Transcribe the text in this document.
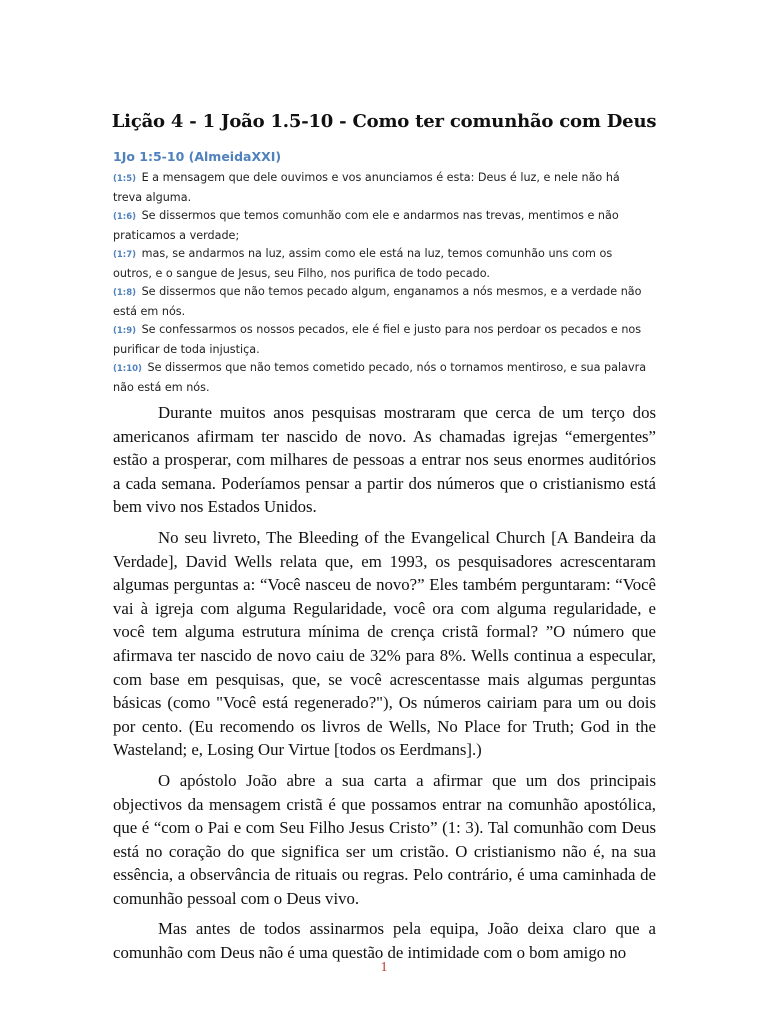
Lição 4 - 1 João 1.5-10 - Como ter comunhão com Deus
1Jo 1:5-10 (AlmeidaXXI)
(1:5) E a mensagem que dele ouvimos e vos anunciamos é esta: Deus é luz, e nele não há treva alguma.
(1:6) Se dissermos que temos comunhão com ele e andarmos nas trevas, mentimos e não praticamos a verdade;
(1:7) mas, se andarmos na luz, assim como ele está na luz, temos comunhão uns com os outros, e o sangue de Jesus, seu Filho, nos purifica de todo pecado.
(1:8) Se dissermos que não temos pecado algum, enganamos a nós mesmos, e a verdade não está em nós.
(1:9) Se confessarmos os nossos pecados, ele é fiel e justo para nos perdoar os pecados e nos purificar de toda injustiça.
(1:10) Se dissermos que não temos cometido pecado, nós o tornamos mentiroso, e sua palavra não está em nós.

Durante muitos anos pesquisas mostraram que cerca de um terço dos americanos afirmam ter nascido de novo. As chamadas igrejas “emergentes” estão a prosperar, com milhares de pessoas a entrar nos seus enormes auditórios a cada semana. Poderíamos pensar a partir dos números que o cristianismo está bem vivo nos Estados Unidos.

No seu livreto, The Bleeding of the Evangelical Church [A Bandeira da Verdade], David Wells relata que, em 1993, os pesquisadores acrescentaram algumas perguntas a: “Você nasceu de novo?” Eles também perguntaram: “Você vai à igreja com alguma Regularidade, você ora com alguma regularidade, e você tem alguma estrutura mínima de crença cristã formal? ”O número que afirmava ter nascido de novo caiu de 32% para 8%. Wells continua a especular, com base em pesquisas, que, se você acrescentasse mais algumas perguntas básicas (como "Você está regenerado?"), Os números cairiam para um ou dois por cento. (Eu recomendo os livros de Wells, No Place for Truth; God in the Wasteland; e, Losing Our Virtue [todos os Eerdmans].)

O apóstolo João abre a sua carta a afirmar que um dos principais objectivos da mensagem cristã é que possamos entrar na comunhão apostólica, que é “com o Pai e com Seu Filho Jesus Cristo” (1: 3). Tal comunhão com Deus está no coração do que significa ser um cristão. O cristianismo não é, na sua essência, a observância de rituais ou regras. Pelo contrário, é uma caminhada de comunhão pessoal com o Deus vivo.

Mas antes de todos assinarmos pela equipa, João deixa claro que a comunhão com Deus não é uma questão de intimidade com o bom amigo no

1
